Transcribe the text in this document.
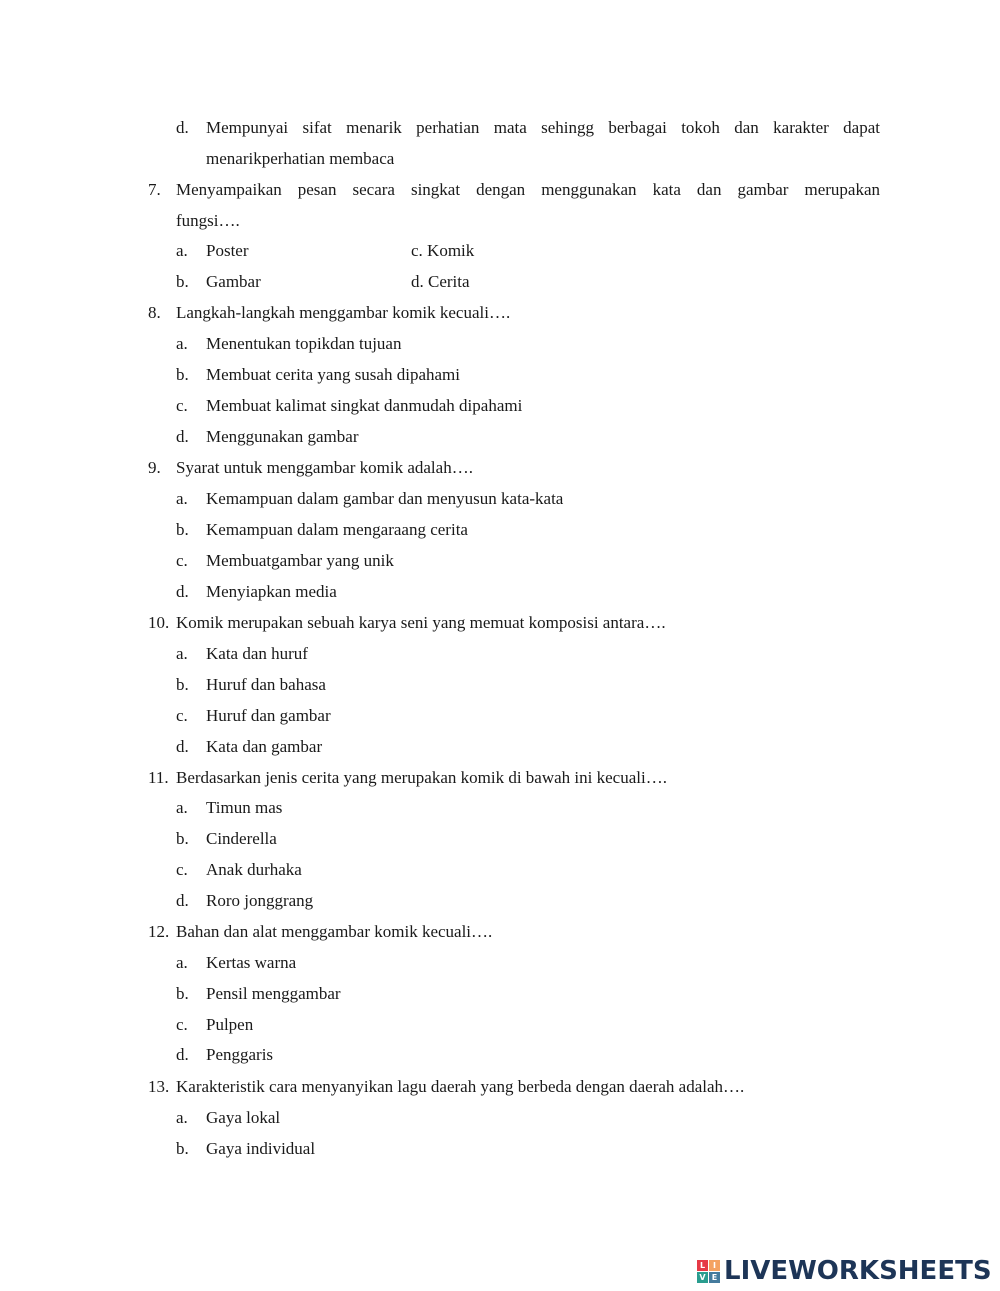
d. Mempunyai sifat menarik perhatian mata sehingg berbagai tokoh dan karakter dapat
menarikperhatian membaca
7. Menyampaikan pesan secara singkat dengan menggunakan kata dan gambar merupakan
fungsi….
a. Poster	c. Komik
b. Gambar	d. Cerita
8. Langkah-langkah menggambar komik kecuali….
a. Menentukan topikdan tujuan
b. Membuat cerita yang susah dipahami
c. Membuat kalimat singkat danmudah dipahami
d. Menggunakan gambar
9. Syarat untuk menggambar komik adalah….
a. Kemampuan dalam gambar dan menyusun kata-kata
b. Kemampuan dalam mengaraang cerita
c. Membuatgambar yang unik
d. Menyiapkan media
10. Komik merupakan sebuah karya seni yang memuat komposisi antara….
a. Kata dan huruf
b. Huruf dan bahasa
c. Huruf dan gambar
d. Kata dan gambar
11. Berdasarkan jenis cerita yang merupakan komik di bawah ini kecuali….
a. Timun mas
b. Cinderella
c. Anak durhaka
d. Roro jonggrang
12. Bahan dan alat menggambar komik kecuali….
a. Kertas warna
b. Pensil menggambar
c. Pulpen
d. Penggaris
13. Karakteristik cara menyanyikan lagu daerah yang berbeda dengan daerah adalah….
a. Gaya lokal
b. Gaya individual
L I
V E LIVEWORKSHEETS
